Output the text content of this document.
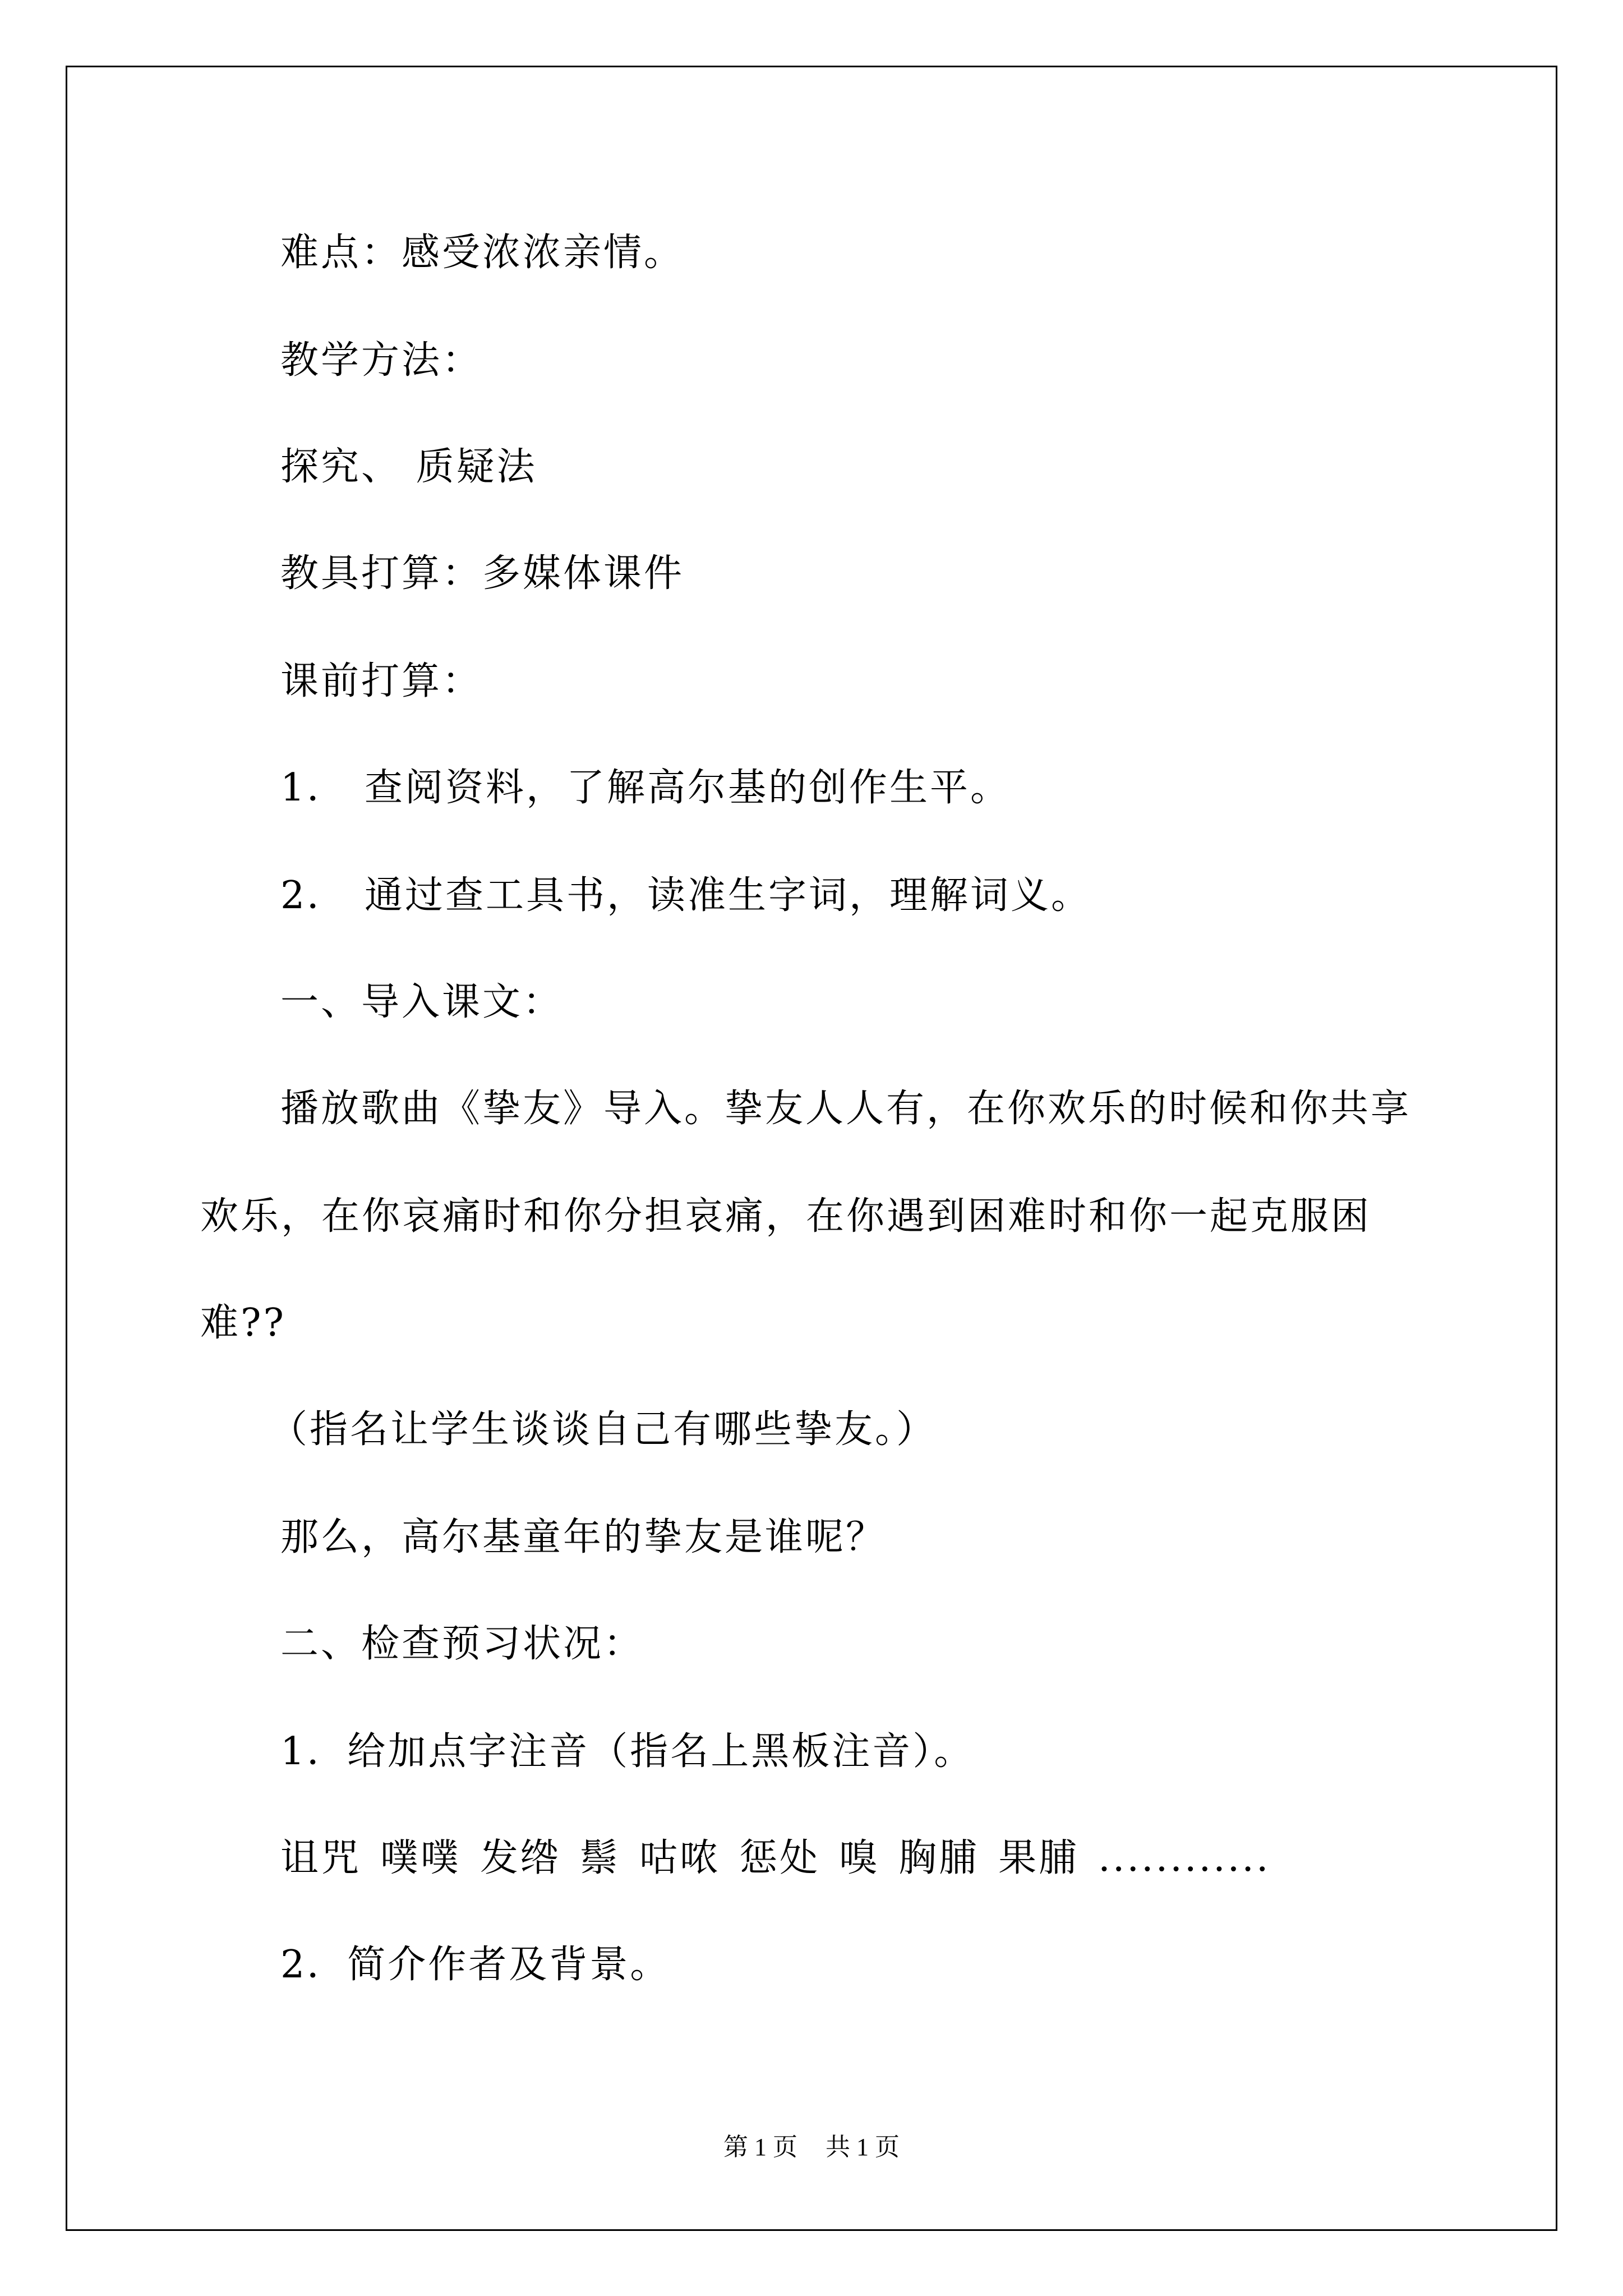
难点：感受浓浓亲情。
教学方法：
探究、 质疑法
教具打算：多媒体课件
课前打算：
1． 查阅资料，了解高尔基的创作生平。
2． 通过查工具书，读准生字词，理解词义。
一、导入课文：
播放歌曲《挚友》导入。挚友人人有，在你欢乐的时候和你共享
欢乐，在你哀痛时和你分担哀痛，在你遇到困难时和你一起克服困
难??
（指名让学生谈谈自己有哪些挚友。）
那么，高尔基童年的挚友是谁呢？
二、检查预习状况：
1．给加点字注音（指名上黑板注音）。
诅咒 噗噗 发绺 鬃 咕哝 惩处 嗅 胸脯 果脯 ............
2．简介作者及背景。
第 1 页 共 1 页
